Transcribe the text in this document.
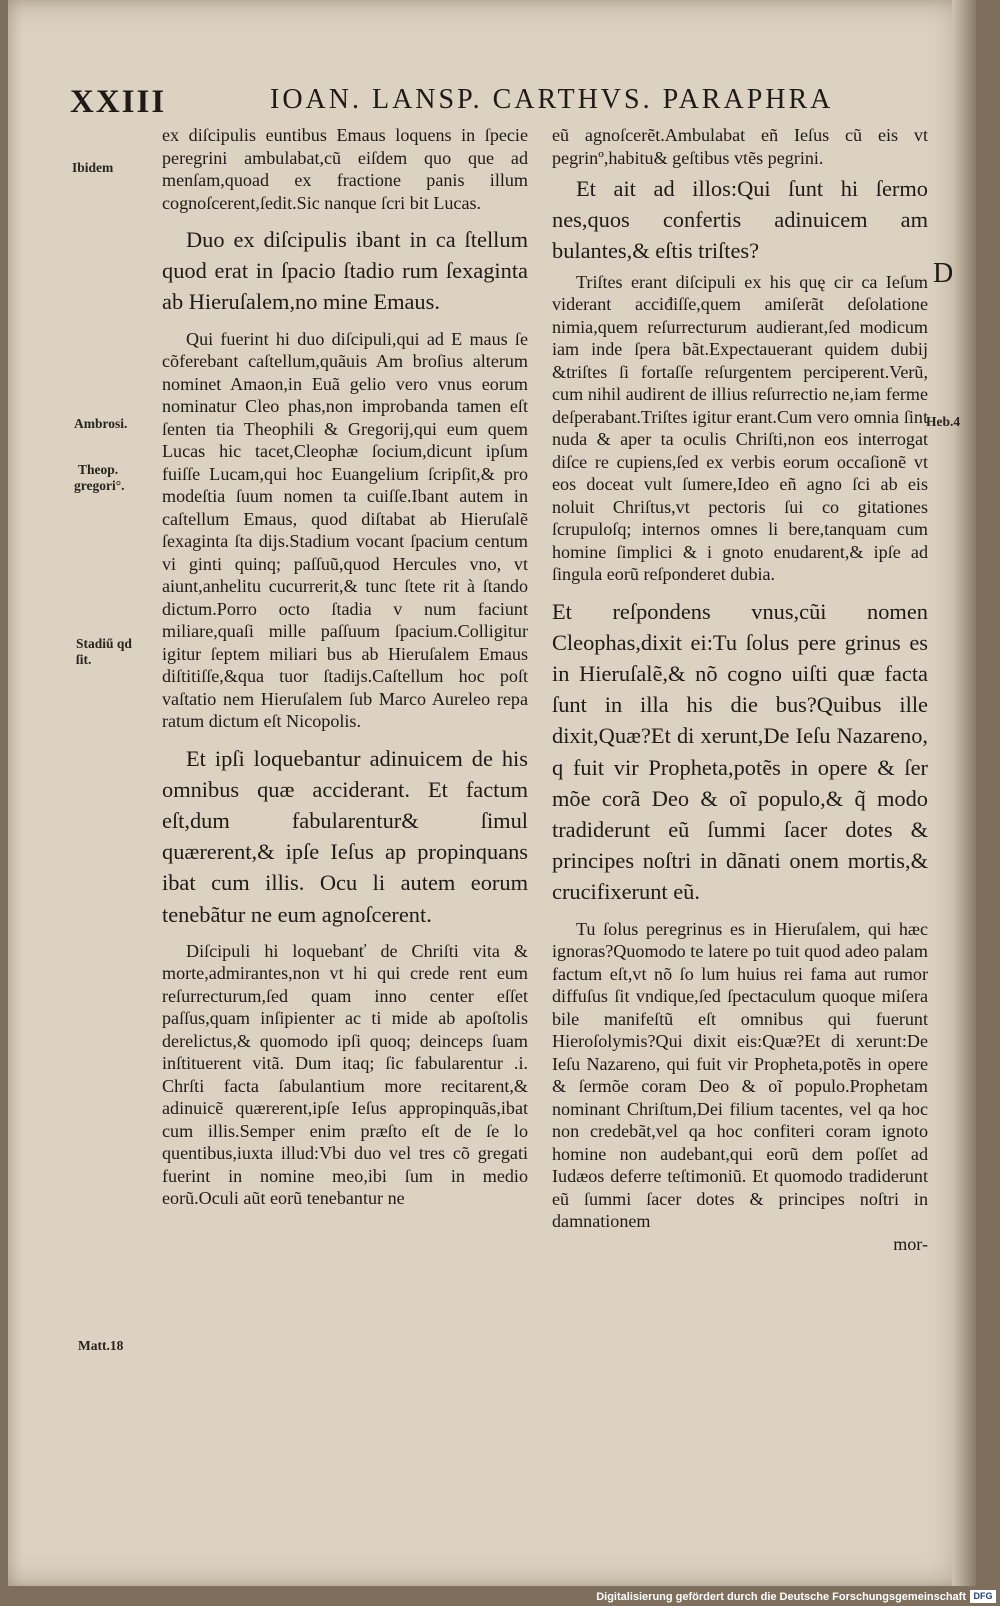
XXIII	IOAN. LANSP. CARTHVS. PARAPHRA
Ibidem
Ambrosi.
Theop.
gregori°.
Stadiű qd
ſit.
Matt.18
Heb.4
D

ex diſcipulis euntibus Emaus loquens in ſpecie peregrini ambulabat,cũ eiſdem quo que ad menſam,quoad ex fractione panis illum cognoſcerent,ſedit.Sic nanque ſcri bit Lucas.

Duo ex diſcipulis ibant in ca ſtellum quod erat in ſpacio ſtadio rum ſexaginta ab Hieruſalem,no mine Emaus.

Qui fuerint hi duo diſcipuli,qui ad E maus ſe cõferebant caſtellum,quãuis Am broſius alterum nominet Amaon,in Euã gelio vero vnus eorum nominatur Cleo phas,non improbanda tamen eſt ſenten tia Theophili & Gregorij,qui eum quem Lucas hic tacet,Cleophæ ſocium,dicunt ipſum fuiſſe Lucam,qui hoc Euangelium ſcripſit,& pro modeſtia ſuum nomen ta cuiſſe.Ibant autem in caſtellum Emaus, quod diſtabat ab Hieruſalẽ ſexaginta ſta dijs.Stadium vocant ſpacium centum vi ginti quinq; paſſuũ,quod Hercules vno, vt aiunt,anhelitu cucurrerit,& tunc ſtete rit à ſtando dictum.Porro octo ſtadia v num faciunt miliare,quaſi mille paſſuum ſpacium.Colligitur igitur ſeptem miliari bus ab Hieruſalem Emaus diſtitiſſe,&qua tuor ſtadijs.Caſtellum hoc poſt vaſtatio nem Hieruſalem ſub Marco Aureleo repa ratum dictum eſt Nicopolis.

Et ipſi loquebantur adinuicem de his omnibus quæ acciderant. Et factum eſt,dum fabularentur& ſimul quærerent,& ipſe Ieſus ap propinquans ibat cum illis. Ocu li autem eorum tenebãtur ne eum agnoſcerent.

Diſcipuli hi loquebanť de Chriſti vita & morte,admirantes,non vt hi qui crede rent eum reſurrecturum,ſed quam inno center eſſet paſſus,quam inſipienter ac ti mide ab apoſtolis derelictus,& quomodo ipſi quoq; deinceps ſuam inſtituerent vitã. Dum itaq; ſic fabularentur .i. Chrſti facta ſabulantium more recitarent,& adinuicẽ quærerent,ipſe Ieſus appropinquãs,ibat cum illis.Semper enim præſto eſt de ſe lo quentibus,iuxta illud:Vbi duo vel tres cõ gregati fuerint in nomine meo,ibi ſum in medio eorũ.Oculi aũt eorũ tenebantur ne

eũ agnoſcerẽt.Ambulabat eñ Ieſus cũ eis vt pegrinº,habitu& geſtibus vtẽs pegrini.

Et ait ad illos:Qui ſunt hi ſermo nes,quos confertis adinuicem am bulantes,& eſtis triſtes?

Triſtes erant diſcipuli ex his quę cir ca Ieſum viderant acciđiſſe,quem amiſerãt deſolatione nimia,quem reſurrecturum audierant,ſed modicum iam inde ſpera bãt.Expectauerant quidem dubij &triſtes ſi fortaſſe reſurgentem perciperent.Verũ, cum nihil audirent de illius reſurrectio ne,iam ferme deſperabant.Triſtes igitur erant.Cum vero omnia ſint nuda & aper ta oculis Chriſti,non eos interrogat diſce re cupiens,ſed ex verbis eorum occaſionẽ vt eos doceat vult ſumere,Ideo eñ agno ſci ab eis noluit Chriſtus,vt pectoris ſui co gitationes ſcrupuloſq; internos omnes li bere,tanquam cum homine ſimplici & i gnoto enudarent,& ipſe ad ſingula eorũ reſponderet dubia.

Et reſpondens vnus,cũi nomen Cleophas,dixit ei:Tu ſolus pere grinus es in Hieruſalẽ,& nõ cogno uiſti quæ facta ſunt in illa his die bus?Quibus ille dixit,Quæ?Et di xerunt,De Ieſu Nazareno, q fuit vir Propheta,potẽs in opere & ſer mõe corã Deo & oĩ populo,& q̃ modo tradiderunt eũ ſummi ſacer dotes & principes noſtri in dãnati onem mortis,& crucifixerunt eũ.

Tu ſolus peregrinus es in Hieruſalem, qui hæc ignoras?Quomodo te latere po tuit quod adeo palam factum eſt,vt nõ ſo lum huius rei fama aut rumor diffuſus ſit vndique,ſed ſpectaculum quoque miſera bile manifeſtũ eſt omnibus qui fuerunt Hieroſolymis?Qui dixit eis:Quæ?Et di xerunt:De Ieſu Nazareno, qui fuit vir Propheta,potẽs in opere & ſermõe coram Deo & oĩ populo.Prophetam nominant Chriſtum,Dei filium tacentes, vel qa hoc non credebãt,vel qa hoc confiteri coram ignoto homine non audebant,qui eorũ dem poſſet ad Iudæos deferre teſtimoniũ. Et quomodo tradiderunt eũ ſummi ſacer dotes & principes noſtri in damnationem

mor-

Digitalisierung gefördert durch die Deutsche Forschungsgemeinschaft DFG
